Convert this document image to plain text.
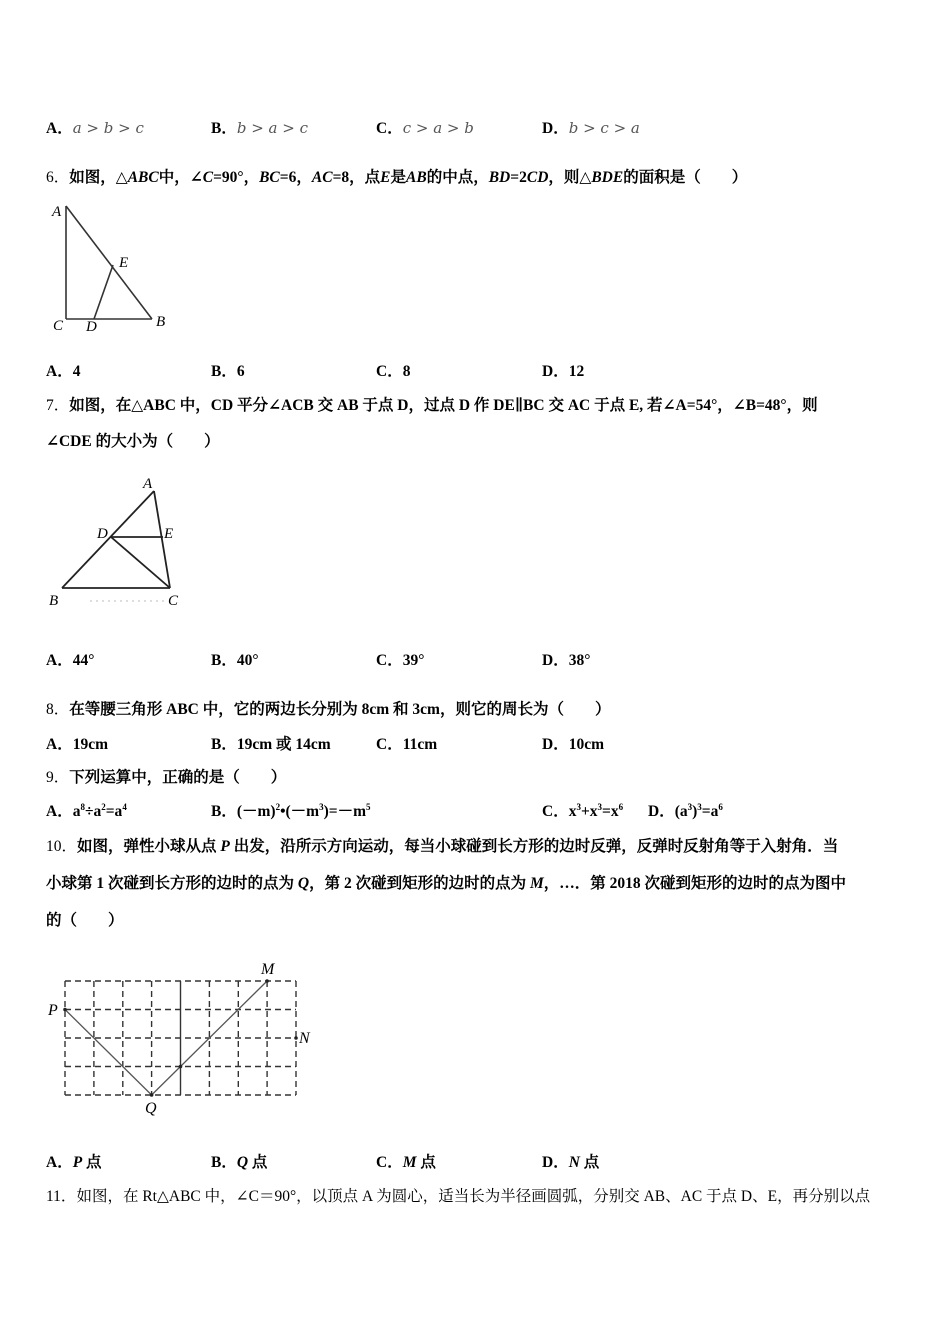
A．a > b > c	B．b > a > c	C．c > a > b	D．b > c > a
6．如图，△ABC中，∠C=90°，BC=6，AC=8，点E是AB的中点，BD=2CD，则△BDE的面积是（　　）
A
E
C D	B
A．4	B．6	C．8	D．12
7．如图，在△ABC 中，CD 平分∠ACB 交 AB 于点 D，过点 D 作 DE∥BC 交 AC 于点 E, 若∠A=54°，∠B=48°，则
∠CDE 的大小为（　　）
A
D	E
B	C
A．44°	B．40°	C．39°	D．38°
8．在等腰三角形 ABC 中，它的两边长分别为 8cm 和 3cm，则它的周长为（　　）
A．19cm	B．19cm 或 14cm	C．11cm	D．10cm
9．下列运算中，正确的是（　　）
A．$a^8\div a^2=a^4$	B．$(-m)^2•(-m^3)=-m^5$	C．$x^3+x^3=x^6$ D．$(a^3)^3=a^6$
10．如图，弹性小球从点 P 出发，沿所示方向运动，每当小球碰到长方形的边时反弹，反弹时反射角等于入射角．当
小球第 1 次碰到长方形的边时的点为 Q，第 2 次碰到矩形的边时的点为 M，…．第 2018 次碰到矩形的边时的点为图中
的（　　）
P
Q
M
N
A．P 点	B．Q 点	C．M 点	D．N 点
11．如图，在 Rt△ABC 中，∠C＝90°，以顶点 A 为圆心，适当长为半径画圆弧，分别交 AB、AC 于点 D、E，再分别以点
